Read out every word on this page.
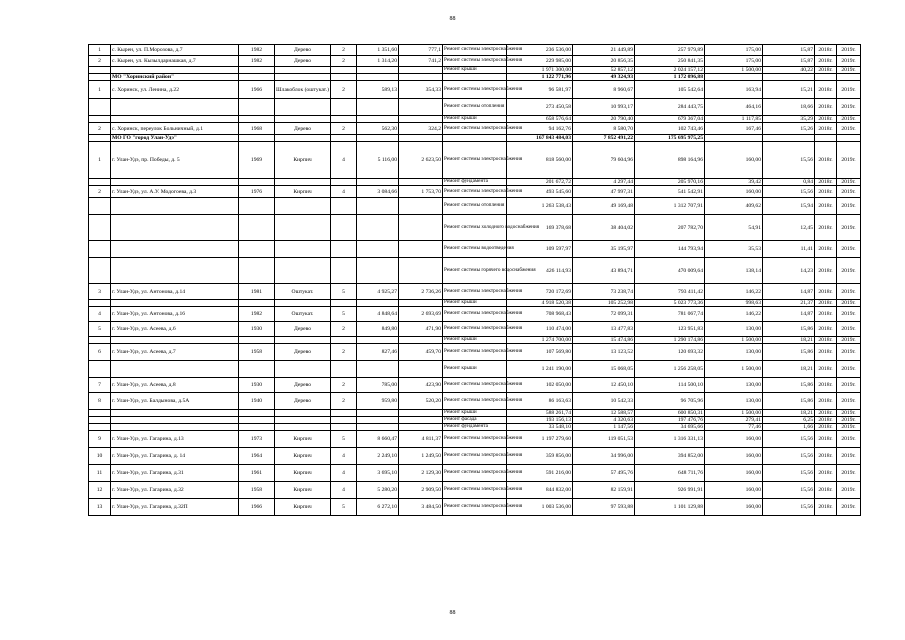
88
1	с. Кырен, ул. П.Морозова, д.7	1982	Дерево	2	1 351,60	777,1	Ремонт системы электроснабжения	236 536,00	21 449,89	257 979,89	175,00	15,87	2018г.	2019г.
2	с. Кырен, ул. Кызылдарнашкая, д.7	1982	Дерево	2	1 314,20	741,2	Ремонт системы электроснабжения	229 985,00	20 856,35	250 841,35	175,00	15,87	2018г.	2019г.
							Ремонт крыши	1 971 300,00	52 857,12	2 024 157,12	1 500,00	40,22	2018г.	2019г.
	МО "Хоринский район"							1 122 771,96	49 324,93	1 172 096,88				
1	с. Хоринск, ул. Ленина, д.22	1966	Шлакоблок (оштукат.)	2	589,13	354,33	Ремонт системы электроснабжения	96 581,97	8 960,67	105 542,64	163,94	15,21	2018г.	2019г.
							Ремонт системы отопления	273 450,58	10 993,17	284 443,75	464,16	18,66	2018г.	2019г.
							Ремонт крыши	658 576,64	20 790,40	679 367,04	1 117,85	35,29	2018г.	2019г.
2	с. Хоринск, переулок Больничный, д.1	1968	Дерево	2	562,30	324,2	Ремонт системы электроснабжения	94 162,76	8 580,70	102 743,46	167,46	15,26	2018г.	2019г.
	МО ГО "город Улан-Удэ"							167 843 484,03	7 852 491,22	175 695 975,25				
1	г. Улан-Удэ, пр. Победы, д. 5	1969	Кирпич	4	5 116,00	2 623,50	Ремонт системы электроснабжения	818 560,00	79 604,96	898 164,96	160,00	15,56	2018г.	2019г.
							Ремонт фундамента	201 672,72	4 297,44	205 970,16	39,42	0,84	2018г.	2019г.
2	г. Улан-Удэ, ул. А.У. Модогоева, д.3	1976	Кирпич	4	3 084,66	1 753,70	Ремонт системы электроснабжения	493 545,60	47 997,31	541 542,91	160,00	15,56	2018г.	2019г.
							Ремонт системы отопления	1 263 538,43	49 169,48	1 312 707,91	409,62	15,94	2018г.	2019г.
							Ремонт системы холодного водоснабжения	169 378,68	38 404,02	207 782,70	54,91	12,45	2018г.	2019г.
							Ремонт системы водоотведения	109 597,97	35 195,97	144 793,94	35,53	11,41	2018г.	2019г.
							Ремонт системы горячего водоснабжения	426 114,93	43 894,71	470 009,64	138,14	14,23	2018г.	2019г.
3	г. Улан-Удэ, ул. Антонова, д.14	1981	Оштукат.	5	4 925,27	2 736,26	Ремонт системы электроснабжения	720 172,69	73 238,74	793 411,42	146,22	14,87	2018г.	2019г.
							Ремонт крыши	4 918 520,38	105 252,98	5 023 773,36	998,63	21,37	2018г.	2019г.
4	г. Улан-Удэ, ул. Антонова, д.16	1982	Оштукат.	5	4 848,64	2 693,69	Ремонт системы электроснабжения	708 968,43	72 099,31	781 067,74	146,22	14,87	2018г.	2019г.
5	г. Улан-Удэ, ул. Асеева, д.6	1930	Дерево	2	849,80	471,90	Ремонт системы электроснабжения	110 474,00	13 477,83	123 951,83	130,00	15,86	2018г.	2019г.
							Ремонт крыши	1 274 700,00	15 474,86	1 290 174,86	1 500,00	18,21	2018г.	2019г.
6	г. Улан-Удэ, ул. Асеева, д.7	1958	Дерево	2	827,46	459,70	Ремонт системы электроснабжения	107 569,80	13 123,52	120 693,32	130,00	15,86	2018г.	2019г.
							Ремонт крыши	1 241 190,00	15 068,05	1 256 258,05	1 500,00	18,21	2018г.	2019г.
7	г. Улан-Удэ, ул. Асеева, д.8	1930	Дерево	2	785,00	423,90	Ремонт системы электроснабжения	102 050,00	12 450,10	114 500,10	130,00	15,86	2018г.	2019г.
8	г. Улан-Удэ, ул. Балдынова, д.5А	1940	Дерево	2	959,80	520,20	Ремонт системы электроснабжения	86 163,63	10 542,33	96 705,96	130,00	15,86	2018г.	2019г.
							Ремонт крыши	588 261,74	12 588,57	600 850,31	1 500,00	18,21	2018г.	2019г.
							Ремонт фасада	193 156,13	4 320,63	197 476,76	279,41	6,25	2018г.	2019г.
							Ремонт фундамента	33 548,10	1 147,56	34 695,66	77,46	1,66	2018г.	2019г.
9	г. Улан-Удэ, ул. Гагарина, д.13	1973	Кирпич	5	8 660,47	4 811,37	Ремонт системы электроснабжения	1 197 279,60	119 051,53	1 316 331,13	160,00	15,56	2018г.	2019г.
10	г. Улан-Удэ, ул. Гагарина, д. 14	1964	Кирпич	4	2 249,10	1 249,50	Ремонт системы электроснабжения	359 856,00	34 996,00	394 852,00	160,00	15,56	2018г.	2019г.
11	г. Улан-Удэ, ул. Гагарина, д.31	1961	Кирпич	4	3 695,10	2 129,30	Ремонт системы электроснабжения	591 216,00	57 495,76	648 711,76	160,00	15,56	2018г.	2019г.
12	г. Улан-Удэ, ул. Гагарина, д.32	1958	Кирпич	4	5 280,20	2 909,50	Ремонт системы электроснабжения	844 832,00	82 159,91	926 991,91	160,00	15,56	2018г.	2019г.
13	г. Улан-Удэ, ул. Гагарина, д.32П	1966	Кирпич	5	6 272,10	3 484,50	Ремонт системы электроснабжения	1 003 536,00	97 593,88	1 101 129,88	160,00	15,56	2018г.	2019г.
88
